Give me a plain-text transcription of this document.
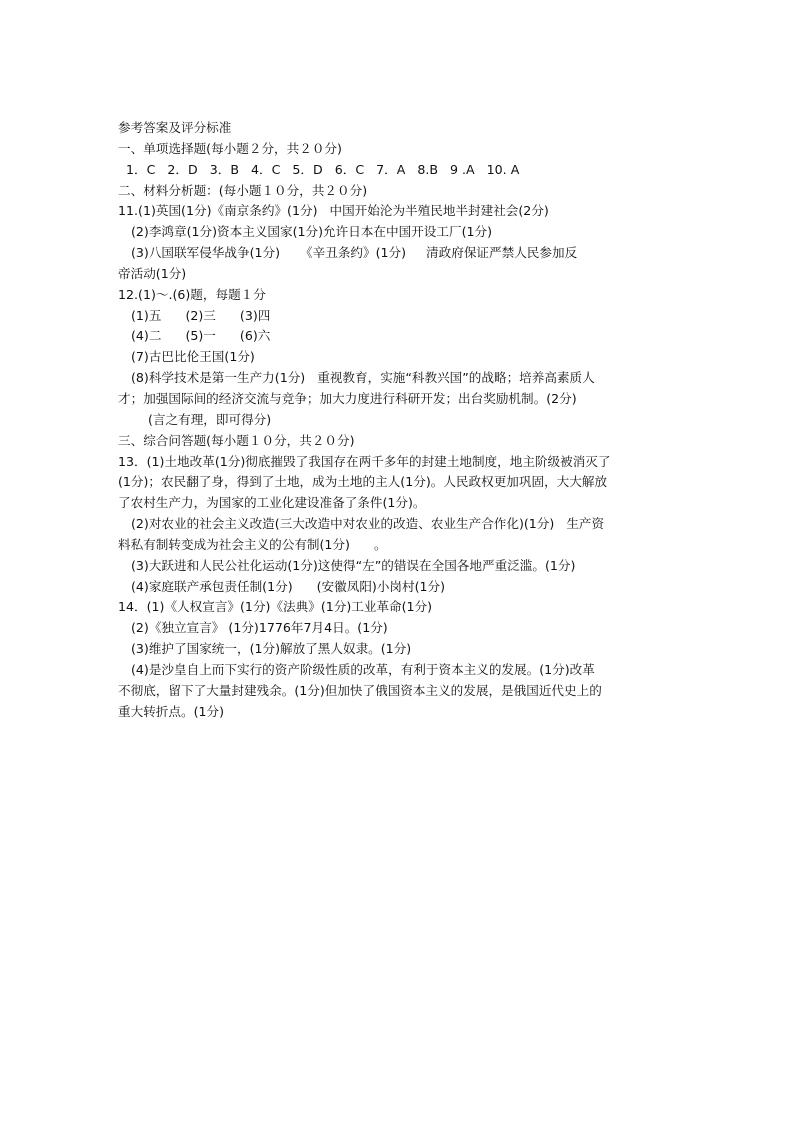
参考答案及评分标准
一、单项选择题(每小题２分，共２０分)
1．C   2．D   3．B   4．C   5．D   6．C   7．A   8.B   9 .A   10. A
二、材料分析题：(每小题１０分，共２０分)
11.(1)英国(1分)《南京条约》(1分)   中国开始沦为半殖民地半封建社会(2分)
(2)李鸿章(1分)资本主义国家(1分)允许日本在中国开设工厂(1分)
(3)八国联军侵华战争(1分)     《辛丑条约》(1分)     清政府保证严禁人民参加反
帝活动(1分)
12.(1)～.(6)题，每题１分
(1)五      (2)三      (3)四
(4)二      (5)一      (6)六
(7)古巴比伦王国(1分)
(8)科学技术是第一生产力(1分)   重视教育，实施“科教兴国”的战略；培养高素质人
才；加强国际间的经济交流与竞争；加大力度进行科研开发；出台奖励机制。(2分)
(言之有理，即可得分)
三、综合问答题(每小题１０分，共２０分)
13．(1)土地改革(1分)彻底摧毁了我国存在两千多年的封建土地制度，地主阶级被消灭了
(1分)；农民翻了身，得到了土地，成为土地的主人(1分)。人民政权更加巩固，大大解放
了农村生产力，为国家的工业化建设准备了条件(1分)。
(2)对农业的社会主义改造(三大改造中对农业的改造、农业生产合作化)(1分)   生产资
料私有制转变成为社会主义的公有制(1分)      。
(3)大跃进和人民公社化运动(1分)这使得“左”的错误在全国各地严重泛滥。(1分)
(4)家庭联产承包责任制(1分)      (安徽凤阳)小岗村(1分)
14．(1)《人权宣言》(1分)《法典》(1分)工业革命(1分)
(2)《独立宣言》 (1分)1776年7月4日。(1分)
(3)维护了国家统一，(1分)解放了黑人奴隶。(1分)
(4)是沙皇自上而下实行的资产阶级性质的改革，有利于资本主义的发展。(1分)改革
不彻底，留下了大量封建残余。(1分)但加快了俄国资本主义的发展，是俄国近代史上的
重大转折点。(1分)
